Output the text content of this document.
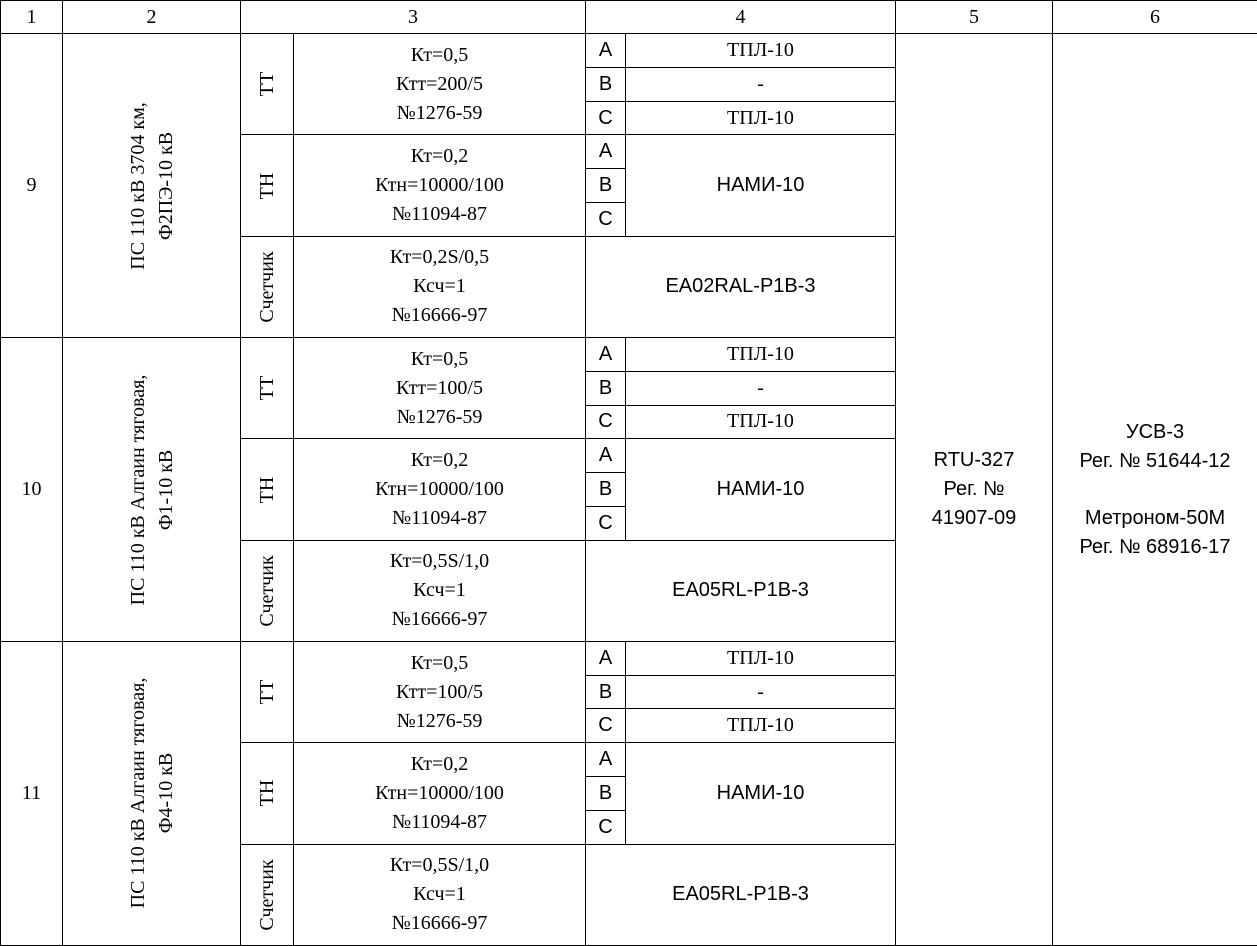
1	2	3		4		5	6
9	ПС 110 кВ 3704 км, Ф2ПЭ-10 кВ	ТТ	Кт=0,5
Ктт=200/5
№1276-59	А	ТПЛ-10	RTU-327
Рег. №
41907-09	УСВ-3
Рег. № 51644-12
Метроном-50М
Рег. № 68916-17

				В	-		
				С	ТПЛ-10		

		ТН	Кт=0,2
Ктн=10000/100
№11094-87	А	НАМИ-10		
				В			
				С			

		Счетчик	Кт=0,2S/0,5
Ксч=1
№16666-97	ЕА02RAL-P1B-3			

10	ПС 110 кВ Алгаин тяговая, Ф1-10 кВ	ТТ	Кт=0,5
Ктт=100/5
№1276-59	А	ТПЛ-10		
				В	-		
				С	ТПЛ-10		

		ТН	Кт=0,2
Ктн=10000/100
№11094-87	А	НАМИ-10		
				В			
				С			

		Счетчик	Кт=0,5S/1,0
Ксч=1
№16666-97	ЕА05RL-P1B-3			

11	ПС 110 кВ Алгаин тяговая, Ф4-10 кВ	ТТ	Кт=0,5
Ктт=100/5
№1276-59	А	ТПЛ-10		
				В	-		
				С	ТПЛ-10		

		ТН	Кт=0,2
Ктн=10000/100
№11094-87	А	НАМИ-10		
				В			
				С			

		Счетчик	Кт=0,5S/1,0
Ксч=1
№16666-97	ЕА05RL-P1B-3			
